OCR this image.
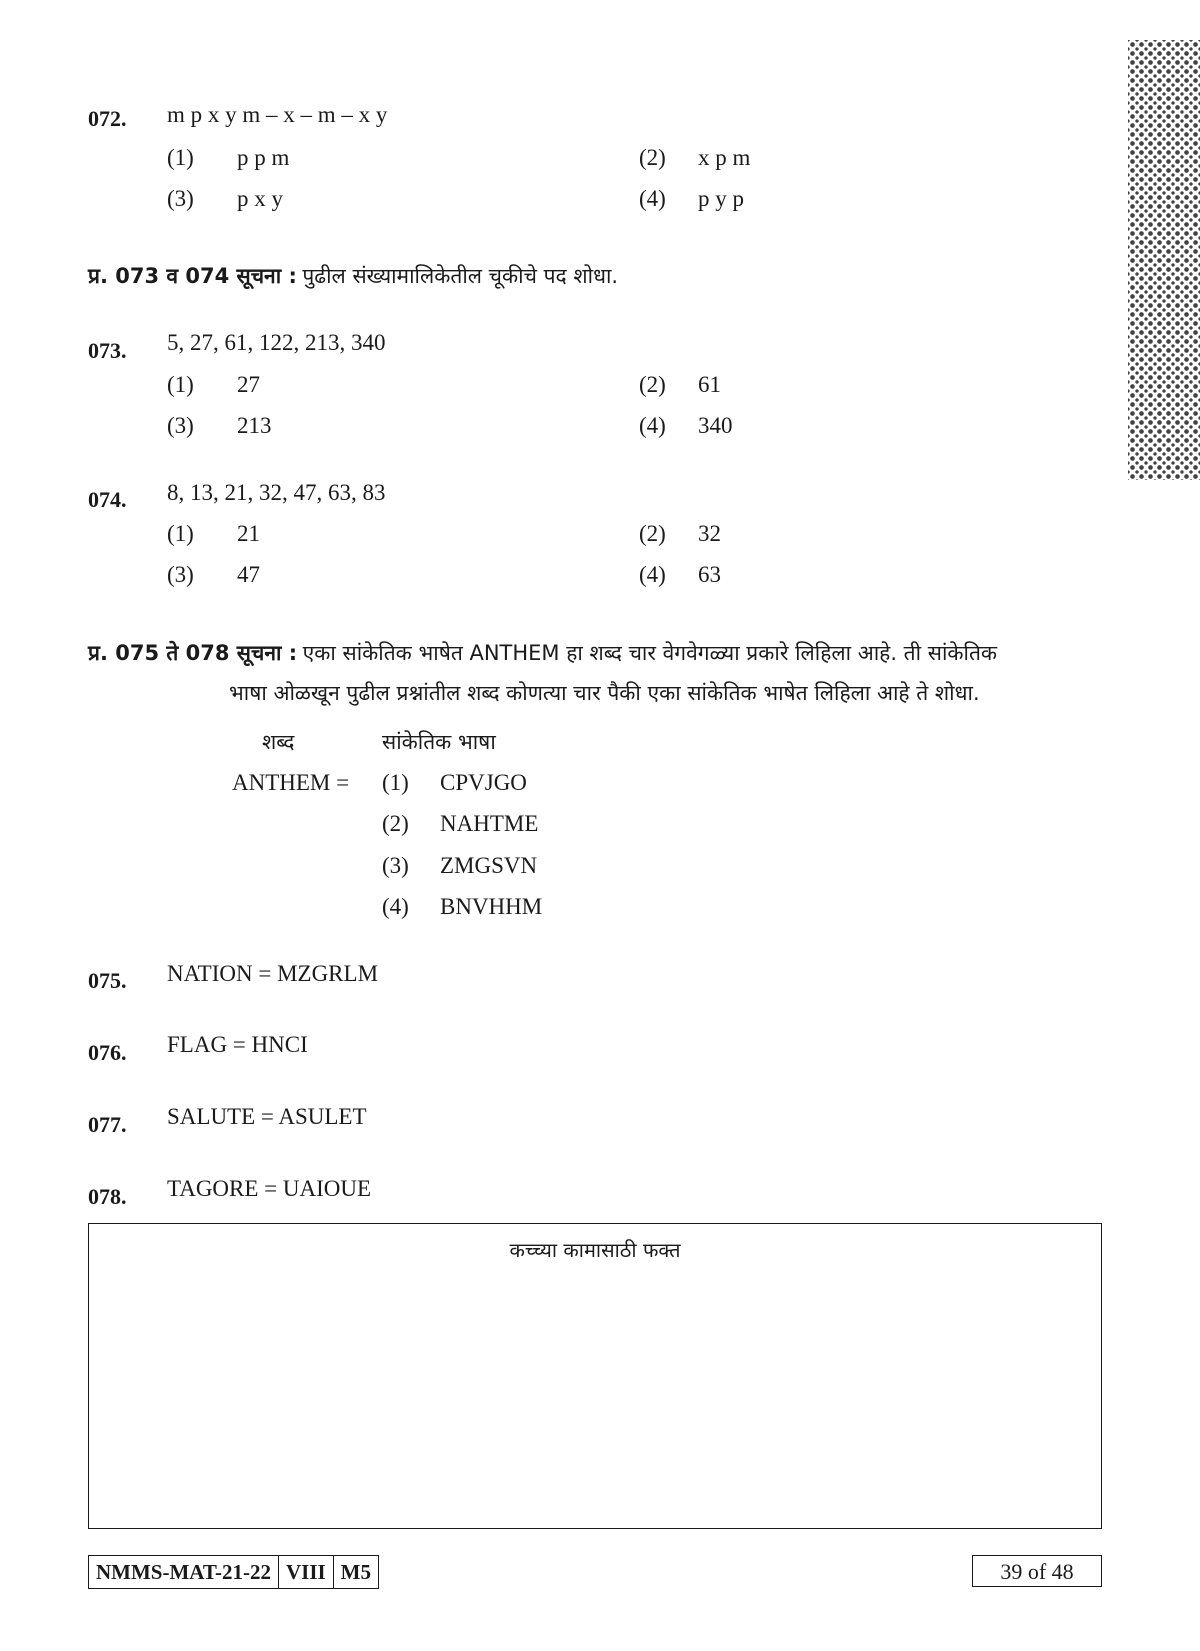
072. m p x y m – x – m – x y
(1) p p m	(2) x p m
(3) p x y	(4) p y p
प्र. 073 व 074 सूचना : पुढील संख्यामालिकेतील चूकीचे पद शोधा.
073. 5, 27, 61, 122, 213, 340
(1) 27	(2) 61
(3) 213	(4) 340
074. 8, 13, 21, 32, 47, 63, 83
(1) 21	(2) 32
(3) 47	(4) 63
प्र. 075 ते 078 सूचना : एका सांकेतिक भाषेत ANTHEM हा शब्द चार वेगवेगळ्या प्रकारे लिहिला आहे. ती सांकेतिक
भाषा ओळखून पुढील प्रश्नांतील शब्द कोणत्या चार पैकी एका सांकेतिक भाषेत लिहिला आहे ते शोधा.
शब्द	सांकेतिक भाषा
ANTHEM = (1) CPVJGO
(2) NAHTME
(3) ZMGSVN
(4) BNVHHM
075. NATION = MZGRLM
076. FLAG = HNCI
077. SALUTE = ASULET
078. TAGORE = UAIOUE
कच्च्या कामासाठी फक्त
NMMS-MAT-21-22 VIII M5	39 of 48
